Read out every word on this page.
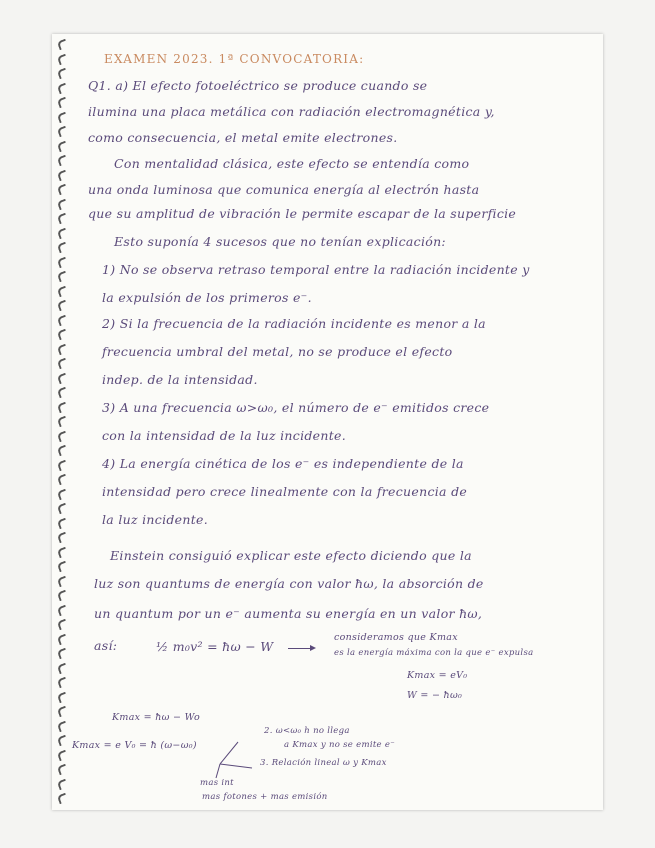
EXAMEN 2023. 1ª CONVOCATORIA:
Q1. a) El efecto fotoeléctrico se produce cuando se
ilumina una placa metálica con radiación electromagnética y,
como consecuencia, el metal emite electrones.
Con mentalidad clásica, este efecto se entendía como
una onda luminosa que comunica energía al electrón hasta
que su amplitud de vibración le permite escapar de la superficie
Esto suponía 4 sucesos que no tenían explicación:
1) No se observa retraso temporal entre la radiación incidente y
la expulsión de los primeros e⁻.
2) Si la frecuencia de la radiación incidente es menor a la
frecuencia umbral del metal, no se produce el efecto
indep. de la intensidad.
3) A una frecuencia ω>ω₀, el número de e⁻ emitidos crece
con la intensidad de la luz incidente.
4) La energía cinética de los e⁻ es independiente de la
intensidad pero crece linealmente con la frecuencia de
la luz incidente.
Einstein consiguió explicar este efecto diciendo que la
luz son quantums de energía con valor ħω, la absorción de
un quantum por un e⁻ aumenta su energía en un valor ħω,
así:	½ m₀v² = ħω − W
consideramos que Kmax
es la energía máxima con la que e⁻ expulsa
Kmax = eV₀
W = − ħω₀
Kmax = ħω − Wo
Kmax = e V₀ = ħ (ω−ω₀)
2. ω<ω₀ h no llega
a Kmax y no se emite e⁻
3. Relación lineal ω y Kmax
mas int
mas fotones + mas emisión
